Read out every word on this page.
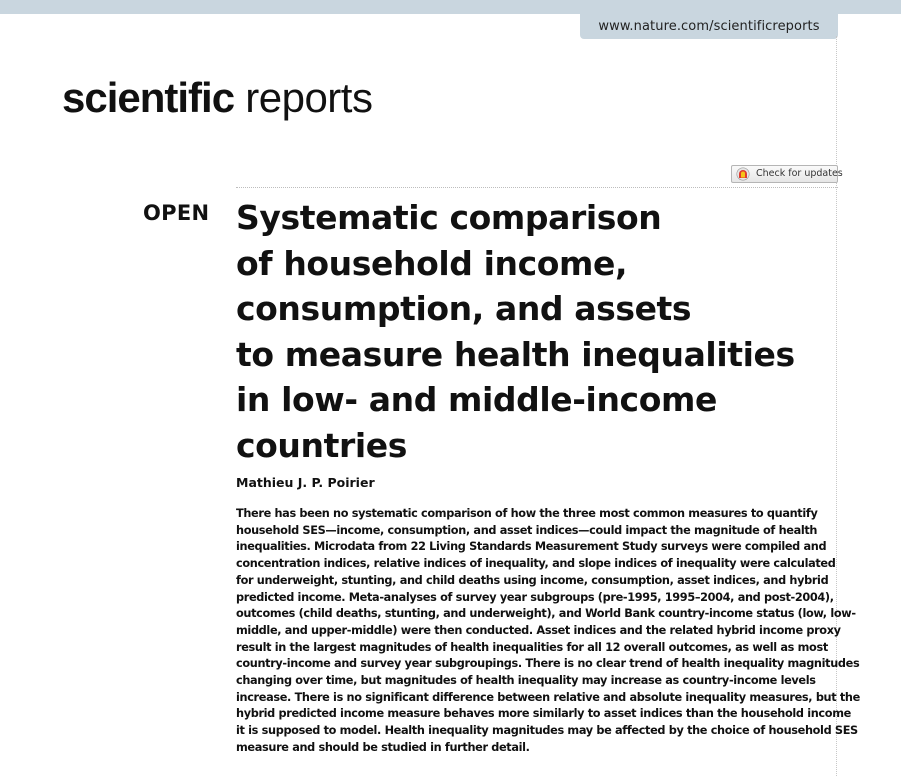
www.nature.com/scientificreports
scientific reports
Check for updates
OPEN Systematic comparison
of household income,
consumption, and assets
to measure health inequalities
in low- and middle-income
countries

Mathieu J. P. Poirier

There has been no systematic comparison of how the three most common measures to quantify
household SES—income, consumption, and asset indices—could impact the magnitude of health
inequalities. Microdata from 22 Living Standards Measurement Study surveys were compiled and
concentration indices, relative indices of inequality, and slope indices of inequality were calculated
for underweight, stunting, and child deaths using income, consumption, asset indices, and hybrid
predicted income. Meta-analyses of survey year subgroups (pre-1995, 1995–2004, and post-2004),
outcomes (child deaths, stunting, and underweight), and World Bank country-income status (low, low-
middle, and upper-middle) were then conducted. Asset indices and the related hybrid income proxy
result in the largest magnitudes of health inequalities for all 12 overall outcomes, as well as most
country-income and survey year subgroupings. There is no clear trend of health inequality magnitudes
changing over time, but magnitudes of health inequality may increase as country-income levels
increase. There is no significant difference between relative and absolute inequality measures, but the
hybrid predicted income measure behaves more similarly to asset indices than the household income
it is supposed to model. Health inequality magnitudes may be affected by the choice of household SES
measure and should be studied in further detail.
